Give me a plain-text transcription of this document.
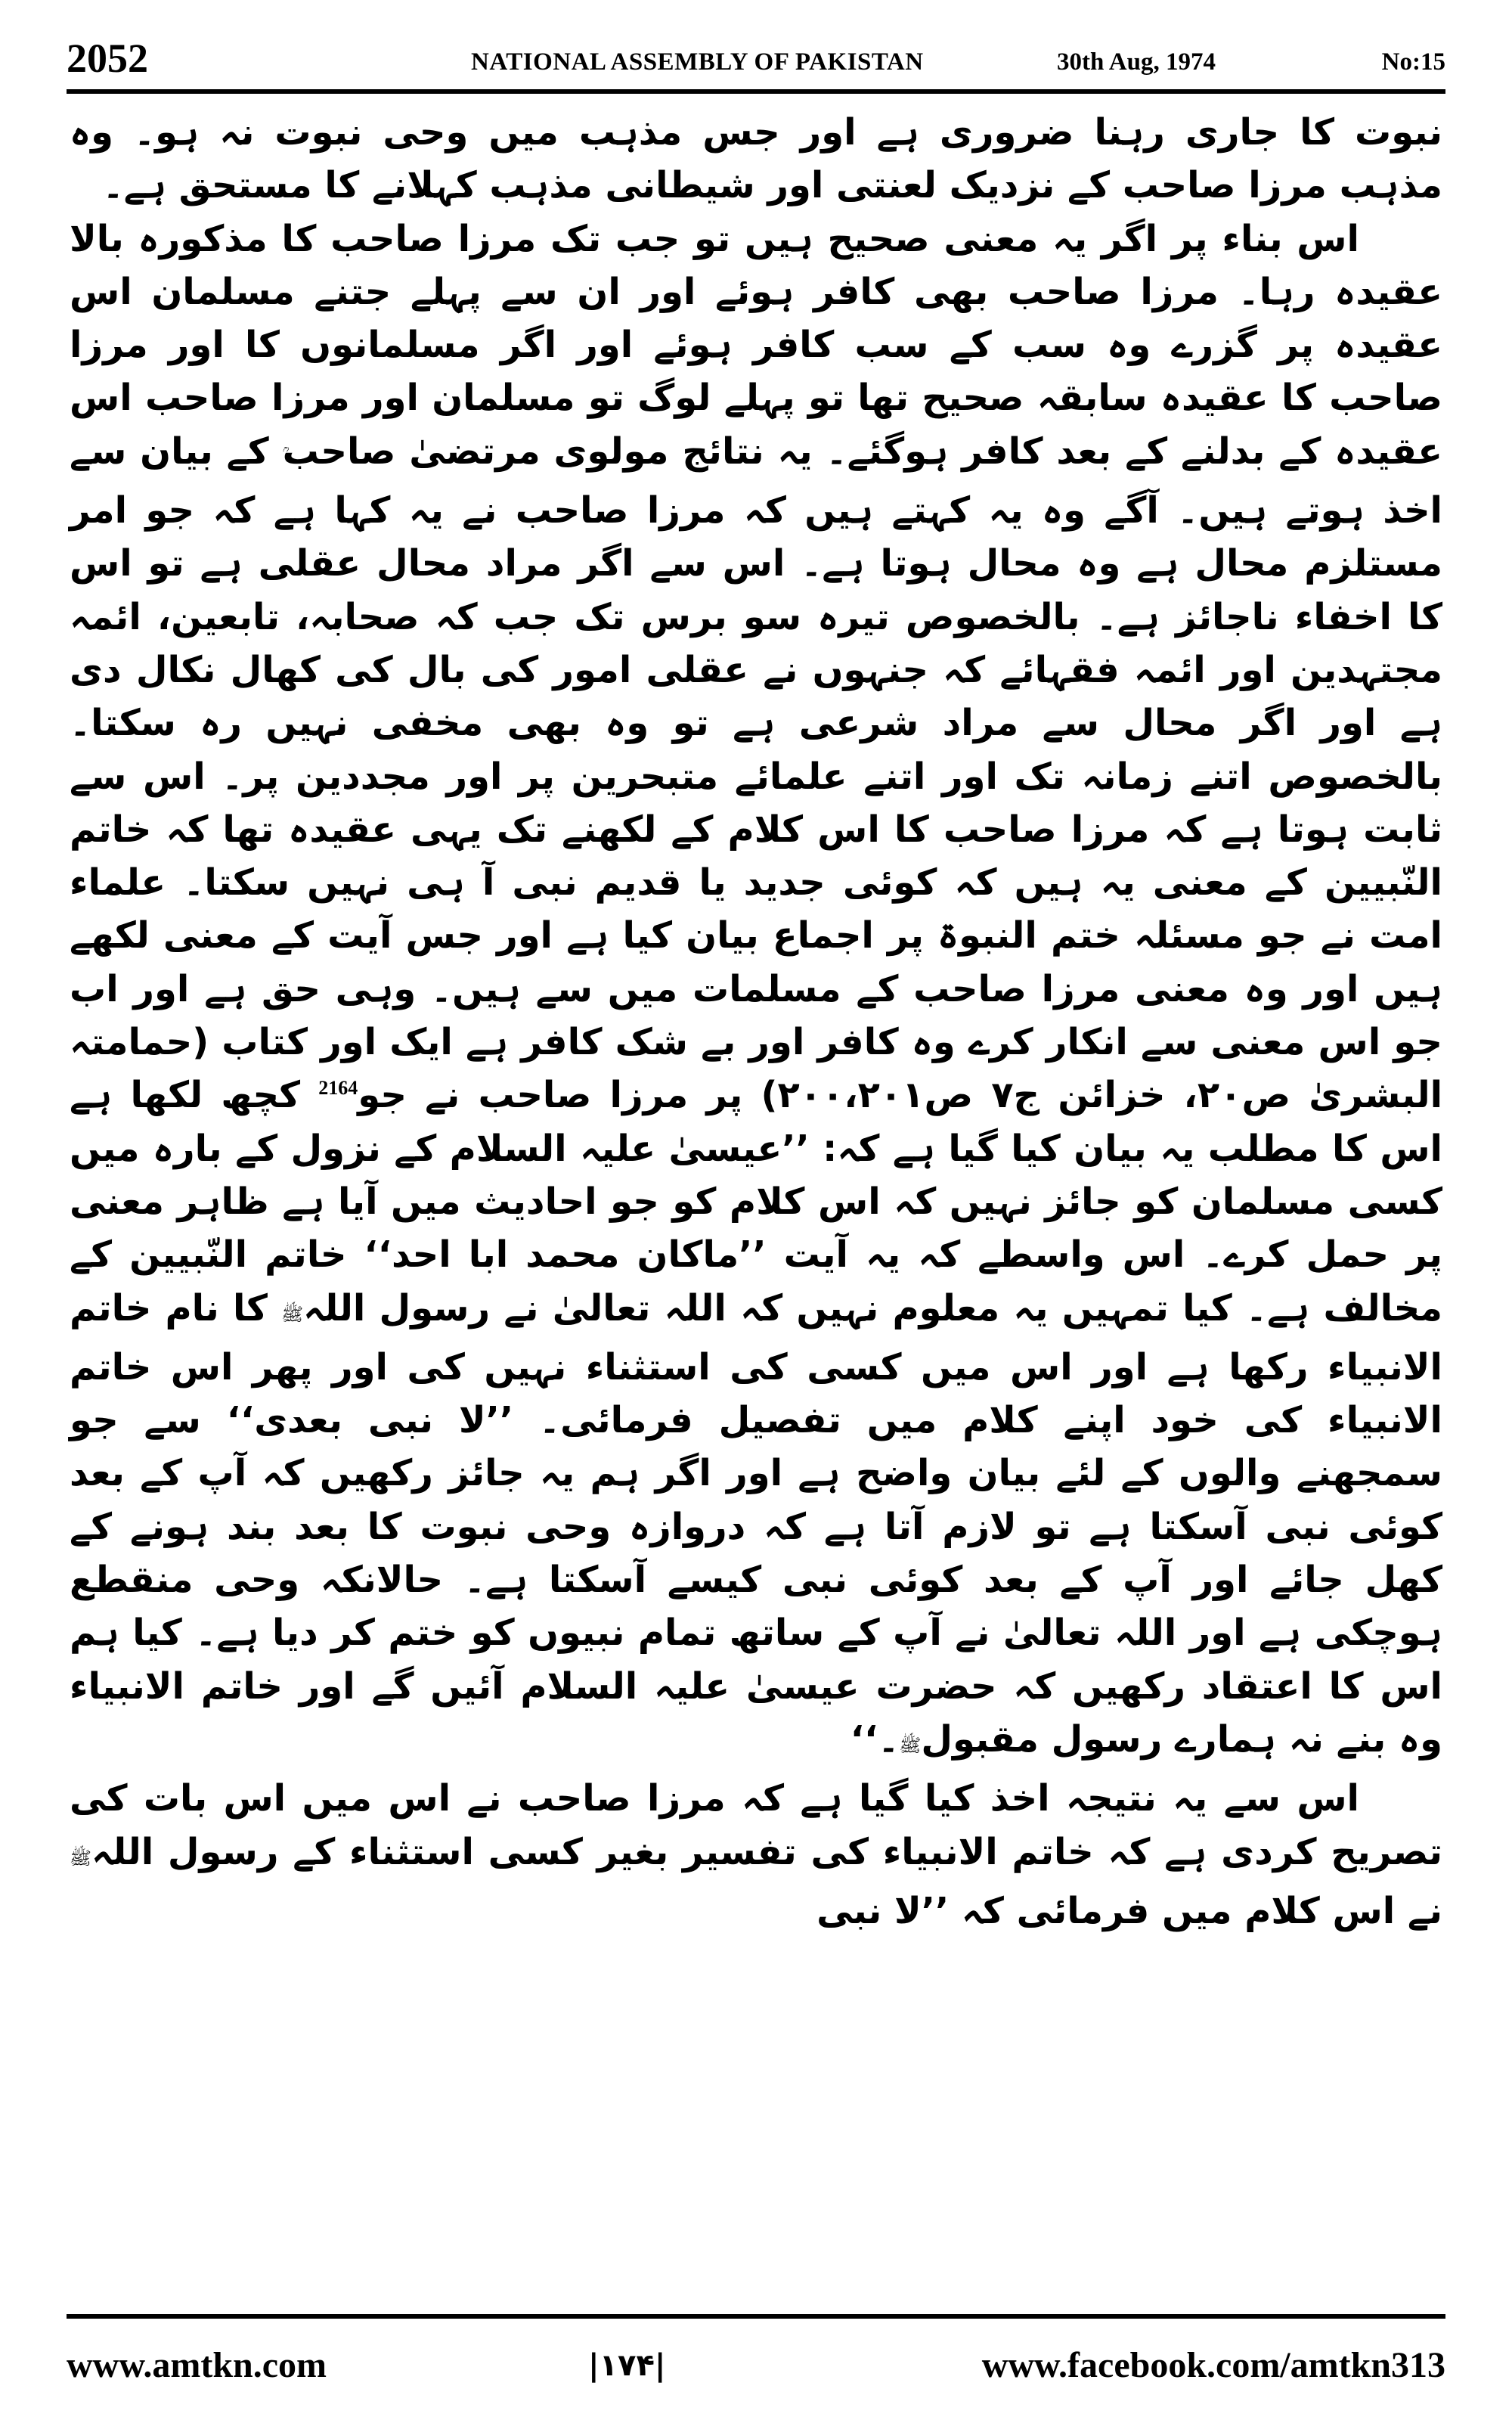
2052	NATIONAL ASSEMBLY OF PAKISTAN	30th Aug, 1974	No:15

نبوت کا جاری رہنا ضروری ہے اور جس مذہب میں وحی نبوت نہ ہو۔ وہ مذہب مرزا صاحب کے نزدیک لعنتی اور شیطانی مذہب کہلانے کا مستحق ہے۔

اس بناء پر اگر یہ معنی صحیح ہیں تو جب تک مرزا صاحب کا مذکورہ بالا عقیدہ رہا۔ مرزا صاحب بھی کافر ہوئے اور ان سے پہلے جتنے مسلمان اس عقیدہ پر گزرے وہ سب کے سب کافر ہوئے اور اگر مسلمانوں کا اور مرزا صاحب کا عقیدہ سابقہ صحیح تھا تو پہلے لوگ تو مسلمان اور مرزا صاحب اس عقیدہ کے بدلنے کے بعد کافر ہوگئے۔ یہ نتائج مولوی مرتضیٰ صاحب کے بیان سے اخذ ہوتے ہیں۔ آگے وہ یہ کہتے ہیں کہ مرزا صاحب نے یہ کہا ہے کہ جو امر مستلزم محال ہے وہ محال ہوتا ہے۔ اس سے اگر مراد محال عقلی ہے تو اس کا اخفاء ناجائز ہے۔ بالخصوص تیرہ سو برس تک جب کہ صحابہ، تابعین، ائمہ مجتہدین اور ائمہ فقہائے کہ جنہوں نے عقلی امور کی بال کی کھال نکال دی ہے اور اگر محال سے مراد شرعی ہے تو وہ بھی مخفی نہیں رہ سکتا۔ بالخصوص اتنے زمانہ تک اور اتنے علمائے متبحرین پر اور مجددین پر۔ اس سے ثابت ہوتا ہے کہ مرزا صاحب کا اس کلام کے لکھنے تک یہی عقیدہ تھا کہ خاتم النّبیین کے معنی یہ ہیں کہ کوئی جدید یا قدیم نبی آ ہی نہیں سکتا۔ علماء امت نے جو مسئلہ ختم النبوۃ پر اجماع بیان کیا ہے اور جس آیت کے معنی لکھے ہیں اور وہ معنی مرزا صاحب کے مسلمات میں سے ہیں۔ وہی حق ہے اور اب جو اس معنی سے انکار کرے وہ کافر اور بے شک کافر ہے ایک اور کتاب (حمامتہ البشریٰ ص۲۰، خزائن ج۷ ص۲۰۰،۲۰۱) پر مرزا صاحب نے جو$^{2164}$ کچھ لکھا ہے اس کا مطلب یہ بیان کیا گیا ہے کہ: ’’عیسیٰ علیہ السلام کے نزول کے بارہ میں کسی مسلمان کو جائز نہیں کہ اس کلام کو جو احادیث میں آیا ہے ظاہر معنی پر حمل کرے۔ اس واسطے کہ یہ آیت ’’ماکان محمد ابا احد‘‘ خاتم النّبیین کے مخالف ہے۔ کیا تمہیں یہ معلوم نہیں کہ اللہ تعالیٰ نے رسول اللہﷺ کا نام خاتم الانبیاء رکھا ہے اور اس میں کسی کی استثناء نہیں کی اور پھر اس خاتم الانبیاء کی خود اپنے کلام میں تفصیل فرمائی۔ ’’لا نبی بعدی‘‘ سے جو سمجھنے والوں کے لئے بیان واضح ہے اور اگر ہم یہ جائز رکھیں کہ آپ کے بعد کوئی نبی آسکتا ہے تو لازم آتا ہے کہ دروازہ وحی نبوت کا بعد بند ہونے کے کھل جائے اور آپ کے بعد کوئی نبی کیسے آسکتا ہے۔ حالانکہ وحی منقطع ہوچکی ہے اور اللہ تعالیٰ نے آپ کے ساتھ تمام نبیوں کو ختم کر دیا ہے۔ کیا ہم اس کا اعتقاد رکھیں کہ حضرت عیسیٰ علیہ السلام آئیں گے اور خاتم الانبیاء وہ بنے نہ ہمارے رسول مقبولﷺ۔‘‘

اس سے یہ نتیجہ اخذ کیا گیا ہے کہ مرزا صاحب نے اس میں اس بات کی تصریح کردی ہے کہ خاتم الانبیاء کی تفسیر بغیر کسی استثناء کے رسول اللہﷺ نے اس کلام میں فرمائی کہ ’’لا نبی

www.amtkn.com	|۱۷۴|	www.facebook.com/amtkn313
